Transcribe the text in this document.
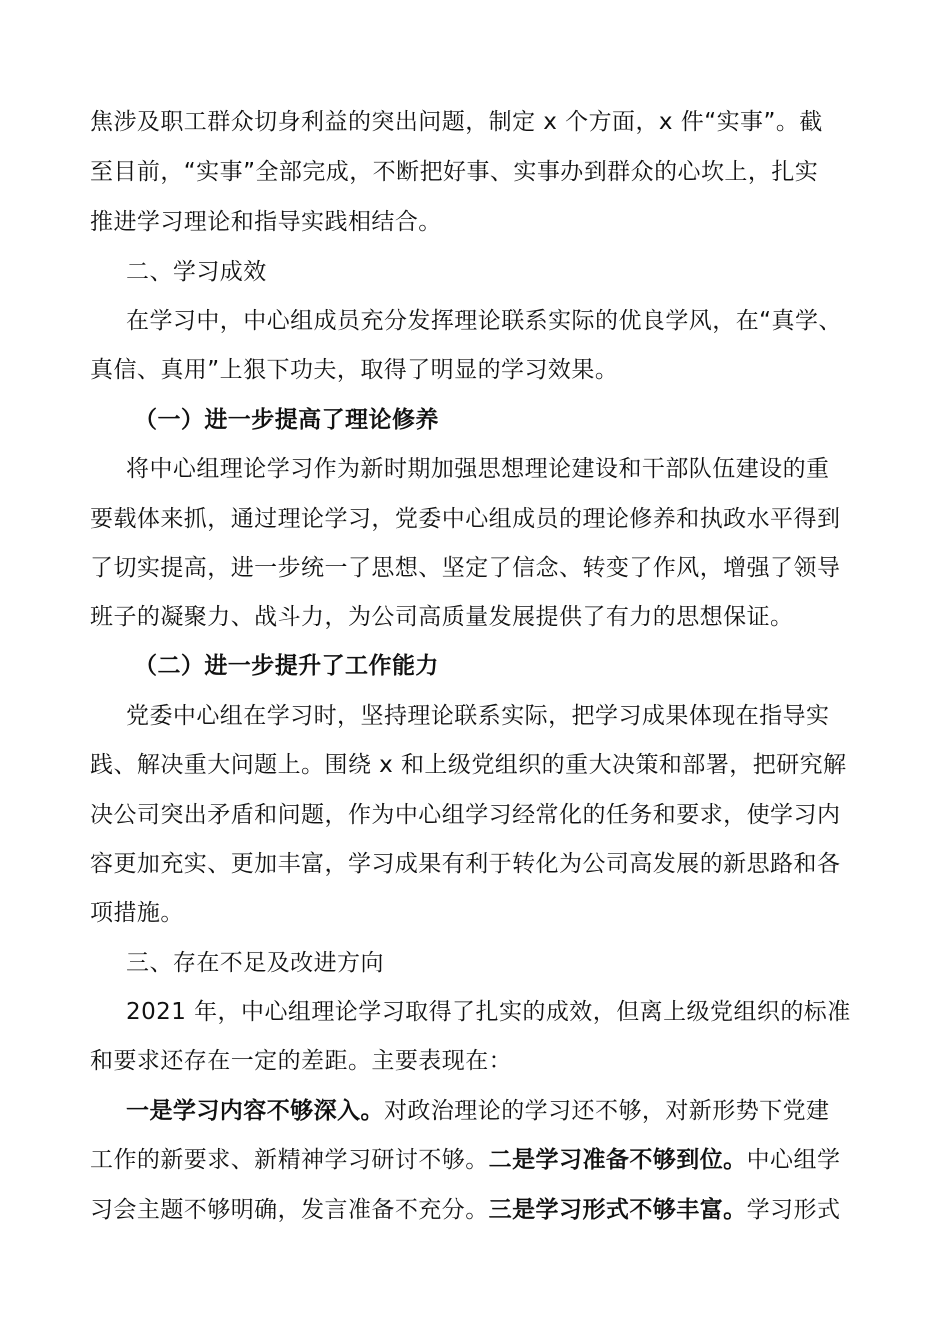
焦涉及职工群众切身利益的突出问题，制定 x 个方面，x 件“实事”。截
至目前，“实事”全部完成，不断把好事、实事办到群众的心坎上，扎实
推进学习理论和指导实践相结合。
二、学习成效
在学习中，中心组成员充分发挥理论联系实际的优良学风，在“真学、
真信、真用”上狠下功夫，取得了明显的学习效果。
（一）进一步提高了理论修养
将中心组理论学习作为新时期加强思想理论建设和干部队伍建设的重
要载体来抓，通过理论学习，党委中心组成员的理论修养和执政水平得到
了切实提高，进一步统一了思想、坚定了信念、转变了作风，增强了领导
班子的凝聚力、战斗力，为公司高质量发展提供了有力的思想保证。
（二）进一步提升了工作能力
党委中心组在学习时，坚持理论联系实际，把学习成果体现在指导实
践、解决重大问题上。围绕 x 和上级党组织的重大决策和部署，把研究解
决公司突出矛盾和问题，作为中心组学习经常化的任务和要求，使学习内
容更加充实、更加丰富，学习成果有利于转化为公司高发展的新思路和各
项措施。
三、存在不足及改进方向
2021 年，中心组理论学习取得了扎实的成效，但离上级党组织的标准
和要求还存在一定的差距。主要表现在：
一是学习内容不够深入。对政治理论的学习还不够，对新形势下党建
工作的新要求、新精神学习研讨不够。二是学习准备不够到位。中心组学
习会主题不够明确，发言准备不充分。三是学习形式不够丰富。学习形式
